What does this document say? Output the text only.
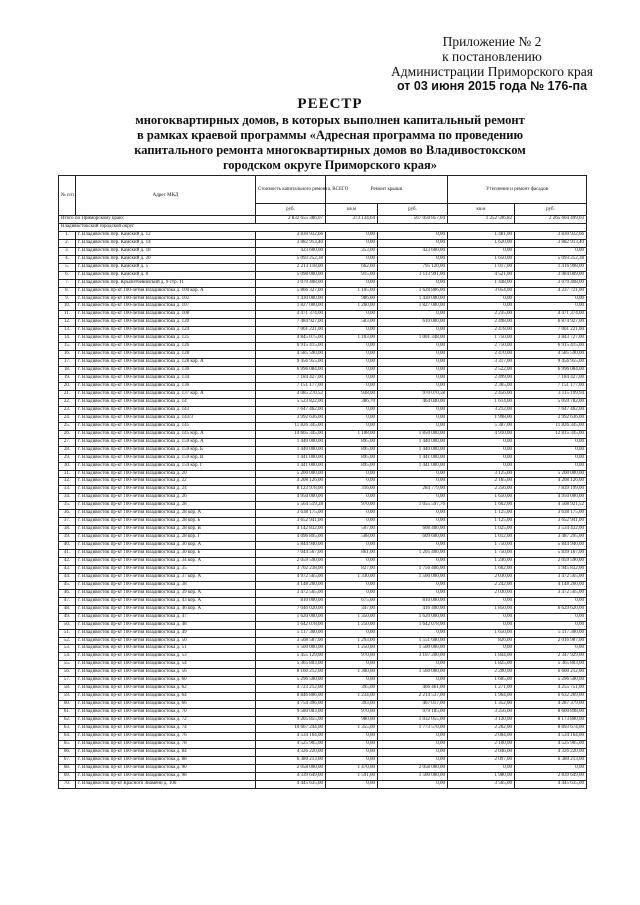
Приложение № 2
к постановлению
Администрации Приморского края
от 03 июня 2015 года № 176-па
РЕЕСТР
многоквартирных домов, в которых выполнен капитальный ремонт
в рамках краевой программы «Адресная программа по проведению
капитального ремонта многоквартирных домов во Владивостокском
городском округе Приморского края»
№ п/п	Адрес МКД	Стоимость капитального ремонта, ВСЕГО	Ремонт крыши		Утепление и ремонт фасадов	
		руб.	кв.м	руб.	кв.м	руб.
Итого по Приморскому краю:		2 832 655 386,07	373 134,64	567 050 857,04	1 252 596,82	2 265 604 499,03
Владивостокский городской округ						
1.	г. Владивосток пер. Камский д. 12	3 830 932,66	0,00	0,00	1 481,00	3 830 932,66
2.	г. Владивосток пер. Камский д. 14	3 882 913,40	0,00	0,00	1 620,00	3 882 913,40
3.	г. Владивосток пер. Камский д. 18	423 600,00	353,00	423 600,00	0,00	0,00
4.	г. Владивосток пер. Камский д. 20	5 093 252,38	0,00	0,00	1 650,00	5 093 252,38
5.	г. Владивосток пер. Камский д. 5	2 213 118,00	662,60	795 120,00	1 017,00	1 416 998,00
6.	г. Владивосток пер. Камский д. 8	5 098 000,00	915,00	1 113 991,00	4 521,00	3 984 009,00
7.	г. Владивосток пер. Крылитчевинский д. 9 стр. 11	3 079 408,00	0,00	0,00	1 448,00	3 079 408,00
8.	г. Владивосток пр-кт 100-летия Владивостока д. 100 кор. А	5 866 327,00	1 105,00	1 628 806,00	3 054,00	4 237 721,00
9.	г. Владивосток пр-кт 100-летия Владивостока д. 102	1 430 000,00	986,00	1 430 000,00	0,00	0,00
10.	г. Владивосток пр-кт 100-летия Владивостока д. 107	1 827 000,00	1 260,00	1 827 000,00	0,00	0,00
11.	г. Владивосток пр-кт 100-летия Владивостока д. 108	4 471 374,00	0,00	0,00	2 235,00	4 471 374,00
12.	г. Владивосток пр-кт 100-летия Владивостока д. 120	7 484 927,00	583,00	610 000,00	2 498,00	6 874 927,00
13.	г. Владивосток пр-кт 100-летия Владивостока д. 124	7 061 221,00	0,00	0,00	2 478,00	7 061 221,00
14.	г. Владивосток пр-кт 100-летия Владивостока д. 125	4 845 075,00	1 103,00	1 001 348,00	1 750,00	3 843 727,00
15.	г. Владивосток пр-кт 100-летия Владивостока д. 126	6 915 415,00	0,00	0,00	2 750,00	6 915 415,00
16.	г. Владивосток пр-кт 100-летия Владивостока д. 128	4 585 590,00	0,00	0,00	2 470,00	4 585 590,00
17.	г. Владивосток пр-кт 100-летия Владивостока д. 128 кор. А	9 456 955,00	0,00	0,00	3 317,00	9 456 955,00
18.	г. Владивосток пр-кт 100-летия Владивостока д. 130	6 996 084,00	0,00	0,00	2 522,00	6 996 084,00
19.	г. Владивосток пр-кт 100-летия Владивостока д. 134	7 184 427,00	0,00	0,00	2 499,00	7 184 427,00
20.	г. Владивосток пр-кт 100-летия Владивостока д. 136	7 151 177,00	0,00	0,00	2 365,00	7 151 177,00
21.	г. Владивосток пр-кт 100-летия Владивостока д. 137 кор. А	4 085 270,52	938,00	970 070,58	2 456,00	3 115 199,94
22.	г. Владивосток пр-кт 100-летия Владивостока д. 14	5 523 822,00	386,70	464 040,00	1 614,00	5 059 782,00
23.	г. Владивосток пр-кт 100-летия Владивостока д. 143	7 647 462,00	0,00	0,00	3 212,00	7 647 462,00
24.	г. Владивосток пр-кт 100-летия Владивостока д. 143/3	3 992 636,00	0,00	0,00	1 998,00	3 992 636,00
25.	г. Владивосток пр-кт 100-летия Владивостока д. 145	11 826 345,00	0,00	0,00	5 387,00	11 826 345,00
26.	г. Владивосток пр-кт 100-летия Владивостока д. 145 кор. А	14 665 345,00	1 108,00	1 850 000,00	4 910,00	12 815 345,00
27.	г. Владивосток пр-кт 100-летия Владивостока д. 159 кор. А	1 440 000,00	895,00	1 440 000,00	0,00	0,00
28.	г. Владивосток пр-кт 100-летия Владивостока д. 159 кор. Б	1 440 000,00	895,00	1 440 000,00	0,00	0,00
29.	г. Владивосток пр-кт 100-летия Владивостока д. 159 кор. В	1 441 000,00	895,00	1 441 000,00	0,00	0,00
30.	г. Владивосток пр-кт 100-летия Владивостока д. 159 кор. Г	1 441 000,00	895,00	1 441 000,00	0,00	0,00
31.	г. Владивосток пр-кт 100-летия Владивостока д. 20	5 200 000,00	0,00	0,00	3 125,00	5 200 000,00
32.	г. Владивосток пр-кт 100-летия Владивостока д. 22	4 208 126,00	0,00	0,00	2 165,00	4 208 126,00
33.	г. Владивосток пр-кт 100-летия Владивостока д. 24	8 123 978,00	316,00	284 779,00	2 256,00	7 839 199,00
34.	г. Владивосток пр-кт 100-летия Владивостока д. 26	4 950 000,00	0,00	0,00	1 650,00	4 950 000,00
35.	г. Владивосток пр-кт 100-летия Владивостока д. 28	5 564 519,28	970,00	1 055 597,76	1 662,00	4 508 921,52
36.	г. Владивосток пр-кт 100-летия Владивостока д. 28 кор. А	3 638 175,00	0,00	0,00	1 125,00	3 638 175,00
37.	г. Владивосток пр-кт 100-летия Владивостока д. 28 кор. Б	3 652 941,00	0,00	0,00	1 125,00	3 652 941,00
38.	г. Владивосток пр-кт 100-летия Владивостока д. 28 кор. В	4 142 832,00	507,00	608 400,00	1 025,00	3 534 432,00
39.	г. Владивосток пр-кт 100-летия Владивостока д. 28 кор. Г	4 096 895,00	508,00	609 600,00	1 012,00	3 487 295,00
40.	г. Владивосток пр-кт 100-летия Владивостока д. 30 кор. А	5 844 940,00	0,00	0,00	1 750,00	5 844 940,00
41.	г. Владивосток пр-кт 100-летия Владивостока д. 30 кор. Б	7 044 567,00	861,00	1 205 400,00	1 750,00	5 839 167,00
42.	г. Владивосток пр-кт 100-летия Владивостока д. 34 кор. А	2 059 590,00	0,00	0,00	1 246,00	2 059 590,00
43.	г. Владивосток пр-кт 100-летия Владивостока д. 35	3 702 238,00	827,00	1 756 406,00	1 662,00	1 945 832,00
44.	г. Владивосток пр-кт 100-летия Владивостока д. 37 кор. А	4 972 565,00	1 330,00	1 500 000,00	2 030,00	3 472 565,00
45.	г. Владивосток пр-кт 100-летия Владивостока д. 38	4 148 260,00	0,00	0,00	2 242,00	4 148 260,00
46.	г. Владивосток пр-кт 100-летия Владивостока д. 39 кор. А	3 472 565,00	0,00	0,00	2 030,00	3 472 565,00
47.	г. Владивосток пр-кт 100-летия Владивостока д. 43 кор. А	810 000,00	675,00	810 000,00	0,00	0,00
48.	г. Владивосток пр-кт 100-летия Владивостока д. 46 кор. А	7 046 020,00	347,00	416 400,00	1 850,00	6 629 620,00
49.	г. Владивосток пр-кт 100-летия Владивостока д. 47	1 620 000,00	1 350,00	1 620 000,00	0,00	0,00
50.	г. Владивосток пр-кт 100-летия Владивостока д. 48	1 642 078,00	1 250,00	1 642 078,00	0,00	0,00
51.	г. Владивосток пр-кт 100-летия Владивостока д. 49	5 117 300,00	0,00	0,00	1 650,00	5 117 300,00
52.	г. Владивосток пр-кт 100-летия Владивостока д. 50	3 568 587,00	1 293,00	1 551 600,00	826,00	2 016 987,00
53.	г. Владивосток пр-кт 100-летия Владивостока д. 51	1 500 000,00	1 250,00	1 500 000,00	0,00	0,00
54.	г. Владивосток пр-кт 100-летия Владивостока д. 53	5 455 129,00	970,00	3 107 200,00	1 844,00	2 347 929,00
55.	г. Владивосток пр-кт 100-летия Владивостока д. 54	5 365 803,00	0,00	0,00	1 825,00	5 365 803,00
56.	г. Владивосток пр-кт 100-летия Владивостока д. 56	8 160 212,00	1 300,00	1 560 000,00	2 200,00	6 600 212,00
57.	г. Владивосток пр-кт 100-летия Владивостока д. 60	5 296 500,00	0,00	0,00	1 605,00	5 296 500,00
58.	г. Владивосток пр-кт 100-летия Владивостока д. 62	4 723 212,00	395,00	466 461,00	1 271,00	4 255 751,00
59.	г. Владивосток пр-кт 100-летия Владивостока д. 64	8 846 806,00	1 234,00	2 214 537,00	1 964,00	6 632 269,00
60.	г. Владивосток пр-кт 100-летия Владивостока д. 66	4 754 396,00	393,00	467 017,00	1 352,00	4 287 379,00
61.	г. Владивосток пр-кт 100-летия Владивостока д. 70	9 580 083,00	970,00	979 185,00	3 256,00	8 600 898,00
62.	г. Владивосток пр-кт 100-летия Владивостока д. 72	9 205 855,00	980,00	1 032 055,00	3 120,00	8 173 800,00
63.	г. Владивосток пр-кт 100-летия Владивостока д. 74	10 667 244,00	1 355,00	1 773 570,00	2 262,00	8 893 674,00
64.	г. Владивосток пр-кт 100-летия Владивостока д. 76	4 534 164,00	0,00	0,00	2 004,00	4 534 164,00
65.	г. Владивосток пр-кт 100-летия Владивостока д. 78	4 525 905,00	0,00	0,00	2 100,00	4 525 905,00
66.	г. Владивосток пр-кт 100-летия Владивостока д. 84	4 326 220,00	0,00	0,00	2 046,00	4 326 220,00
67.	г. Владивосток пр-кт 100-летия Владивостока д. 88	6 380 213,00	0,00	0,00	2 097,00	6 380 213,00
68.	г. Владивосток пр-кт 100-летия Владивостока д. 90	2 058 000,00	1 470,00	2 058 000,00	0,00	0,00
69.	г. Владивосток пр-кт 100-летия Владивостока д. 98	4 339 649,00	1 591,00	1 500 000,00	1 980,00	2 839 649,00
70.	г. Владивосток пр-кт Красного Знамени д. 100	4 445 635,00	0,00	0,00	3 565,00	4 445 635,00
